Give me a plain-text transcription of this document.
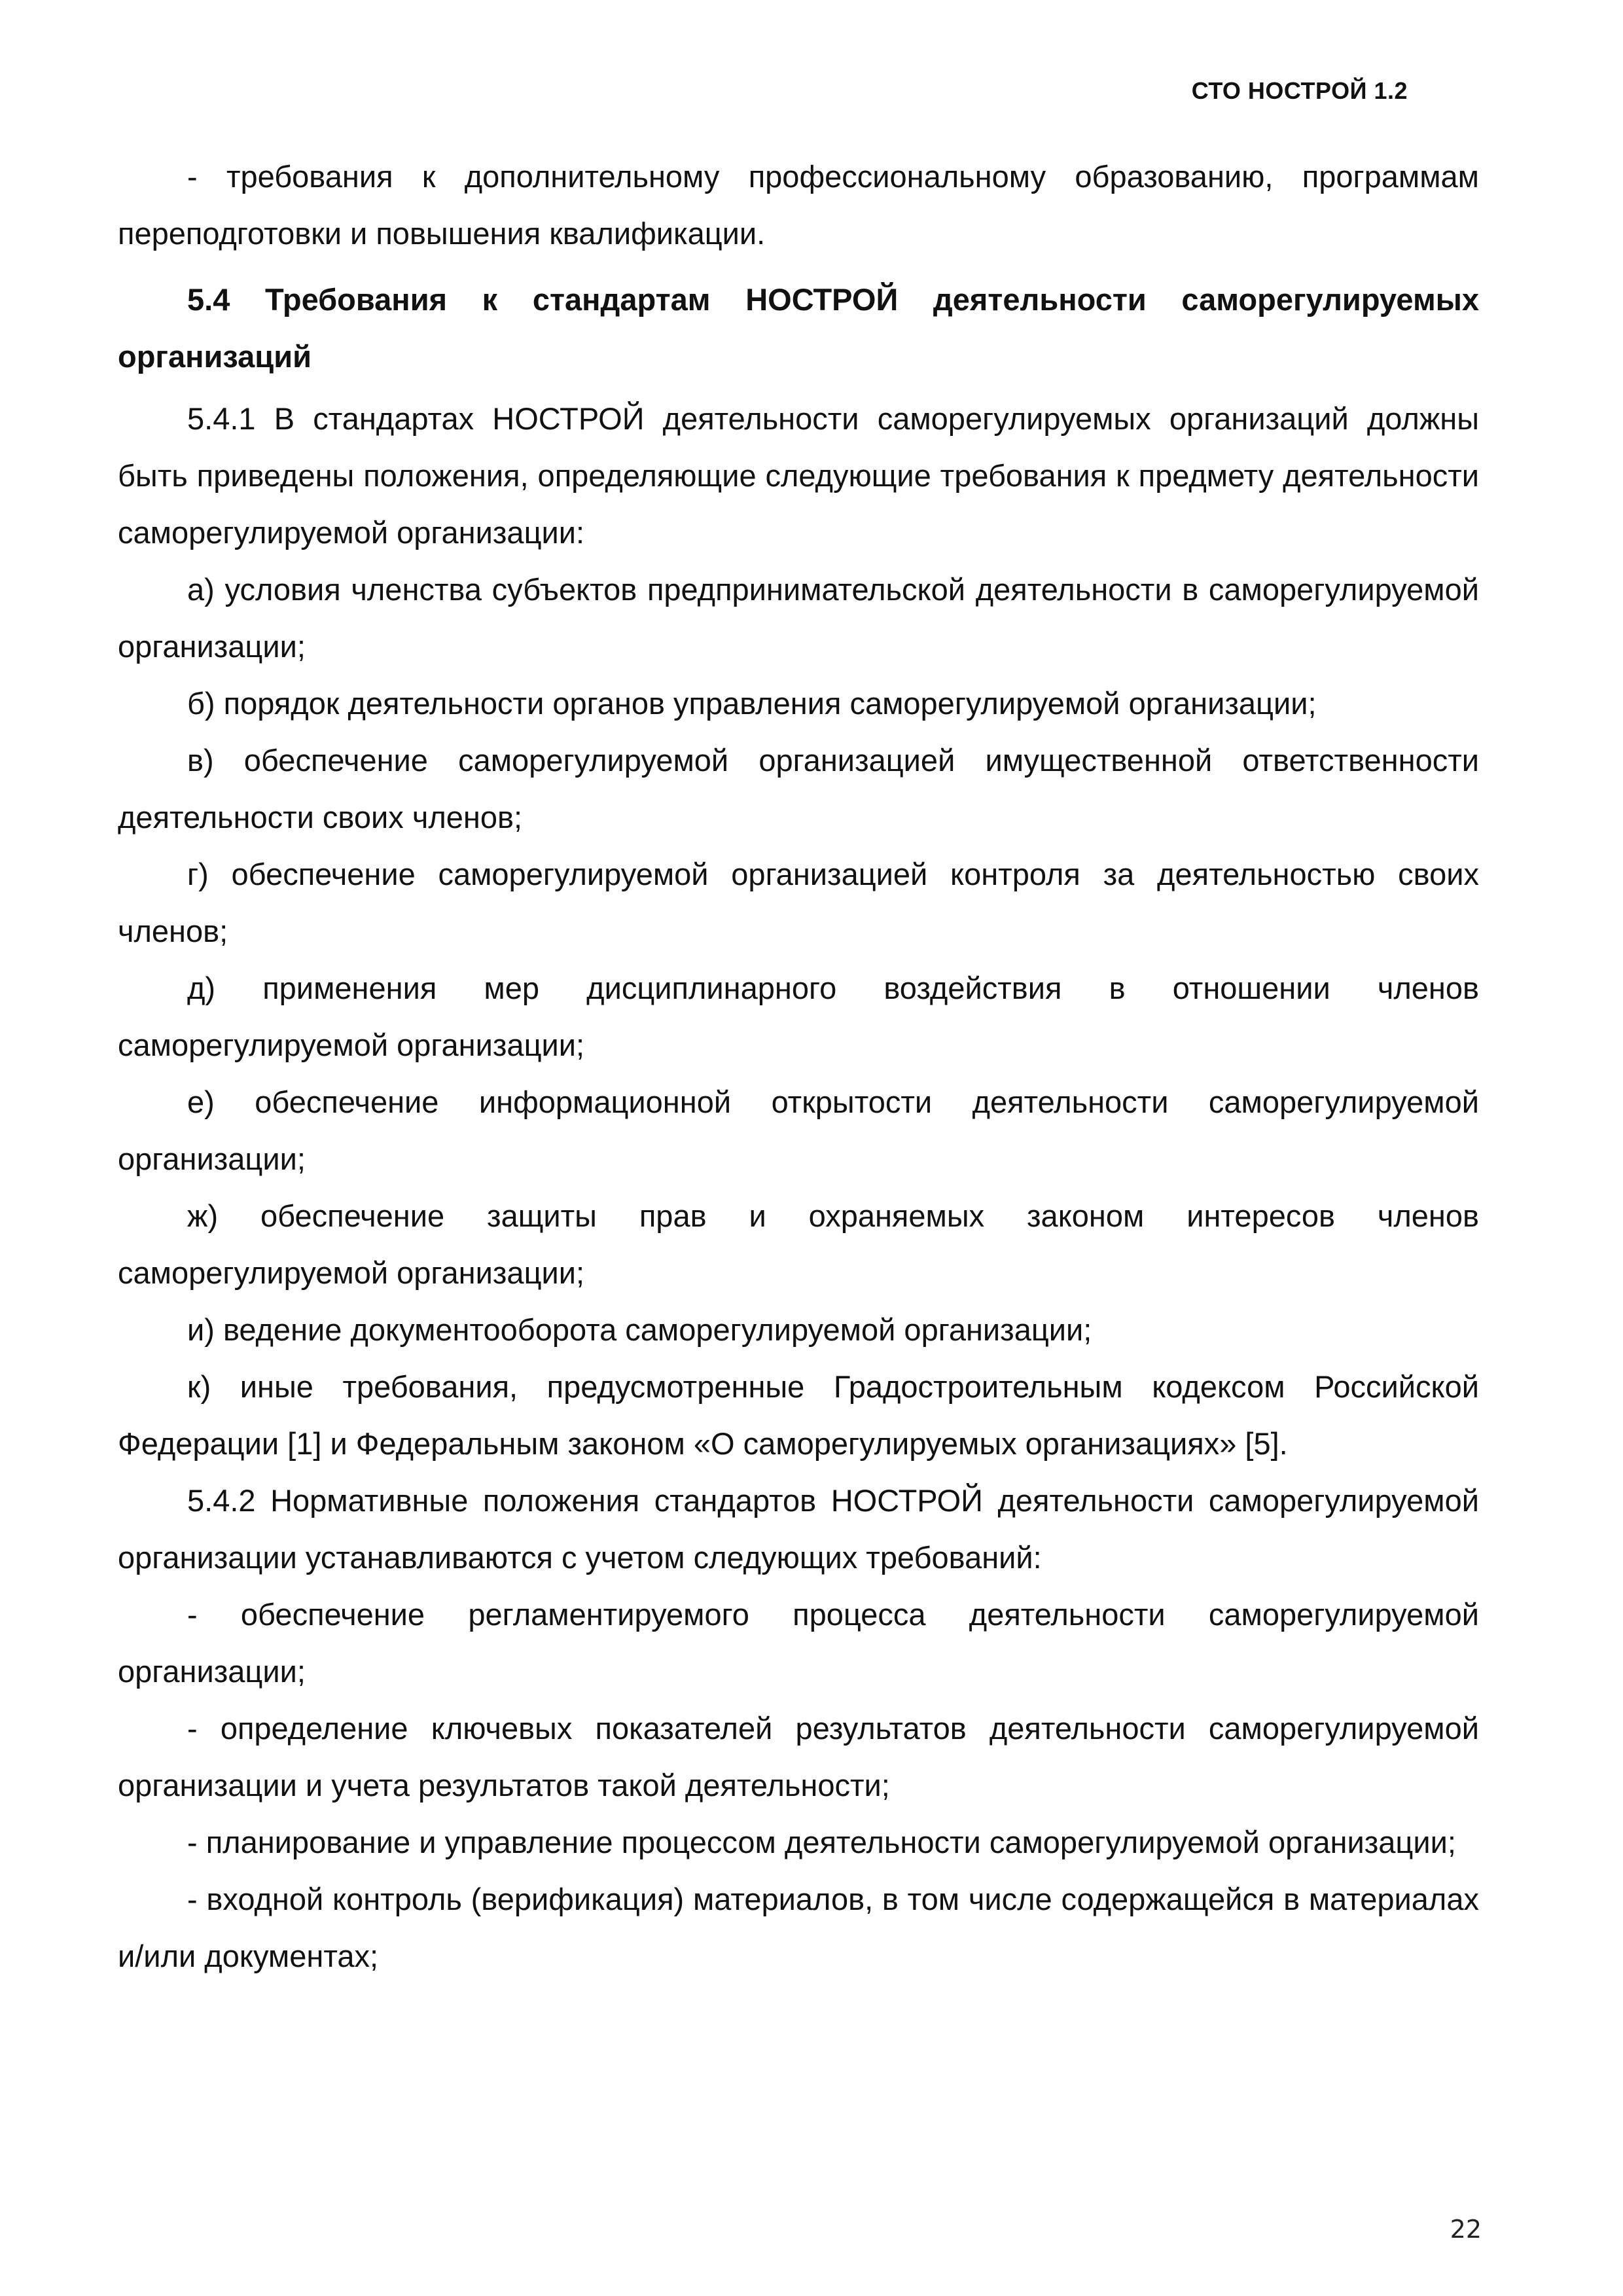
СТО НОСТРОЙ 1.2

- требования к дополнительному профессиональному образованию, программам переподготовки и повышения квалификации.

5.4 Требования к стандартам НОСТРОЙ деятельности саморегулируемых организаций

5.4.1 В стандартах НОСТРОЙ деятельности саморегулируемых организаций должны быть приведены положения, определяющие следующие требования к предмету деятельности саморегулируемой организации:

а) условия членства субъектов предпринимательской деятельности в саморегулируемой организации;

б) порядок деятельности органов управления саморегулируемой организации;

в) обеспечение саморегулируемой организацией имущественной ответственности деятельности своих членов;

г) обеспечение саморегулируемой организацией контроля за деятельностью своих членов;

д) применения мер дисциплинарного воздействия в отношении членов саморегулируемой организации;

е) обеспечение информационной открытости деятельности саморегулируемой организации;

ж) обеспечение защиты прав и охраняемых законом интересов членов саморегулируемой организации;

и) ведение документооборота саморегулируемой организации;

к) иные требования, предусмотренные Градостроительным кодексом Российской Федерации [1] и Федеральным законом «О саморегулируемых организациях» [5].

5.4.2 Нормативные положения стандартов НОСТРОЙ деятельности саморегулируемой организации устанавливаются с учетом следующих требований:

- обеспечение регламентируемого процесса деятельности саморегулируемой организации;

- определение ключевых показателей результатов деятельности саморегулируемой организации и учета результатов такой деятельности;

- планирование и управление процессом деятельности саморегулируемой организации;

- входной контроль (верификация) материалов, в том числе содержащейся в материалах и/или документах;

22
